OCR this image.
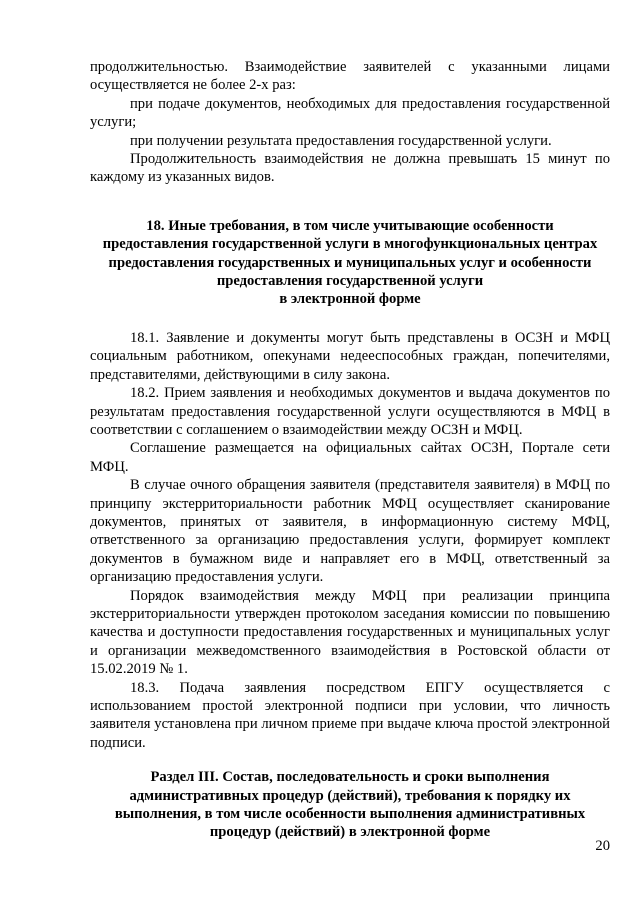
продолжительностью. Взаимодействие заявителей с указанными лицами осуществляется не более 2-х раз:

при подаче документов, необходимых для предоставления государственной услуги;

при получении результата предоставления государственной услуги.

Продолжительность взаимодействия не должна превышать 15 минут по каждому из указанных видов.

18. Иные требования, в том числе учитывающие особенности
предоставления государственной услуги в многофункциональных центрах
предоставления государственных и муниципальных услуг и особенности
предоставления государственной услуги
в электронной форме

18.1. Заявление и документы могут быть представлены в ОСЗН и МФЦ социальным работником, опекунами недееспособных граждан, попечителями, представителями, действующими в силу закона.

18.2. Прием заявления и необходимых документов и выдача документов по результатам предоставления государственной услуги осуществляются в МФЦ в соответствии с соглашением о взаимодействии между ОСЗН и МФЦ.

Соглашение размещается на официальных сайтах ОСЗН, Портале сети МФЦ.

В случае очного обращения заявителя (представителя заявителя) в МФЦ по принципу экстерриториальности работник МФЦ осуществляет сканирование документов, принятых от заявителя, в информационную систему МФЦ, ответственного за организацию предоставления услуги, формирует комплект документов в бумажном виде и направляет его в МФЦ, ответственный за организацию предоставления услуги.

Порядок взаимодействия между МФЦ при реализации принципа экстерриториальности утвержден протоколом заседания комиссии по повышению качества и доступности предоставления государственных и муниципальных услуг и организации межведомственного взаимодействия в Ростовской области от 15.02.2019 № 1.

18.3. Подача заявления посредством ЕПГУ осуществляется с использованием простой электронной подписи при условии, что личность заявителя установлена при личном приеме при выдаче ключа простой электронной подписи.

Раздел III. Состав, последовательность и сроки выполнения
административных процедур (действий), требования к порядку их
выполнения, в том числе особенности выполнения административных
процедур (действий) в электронной форме
20
